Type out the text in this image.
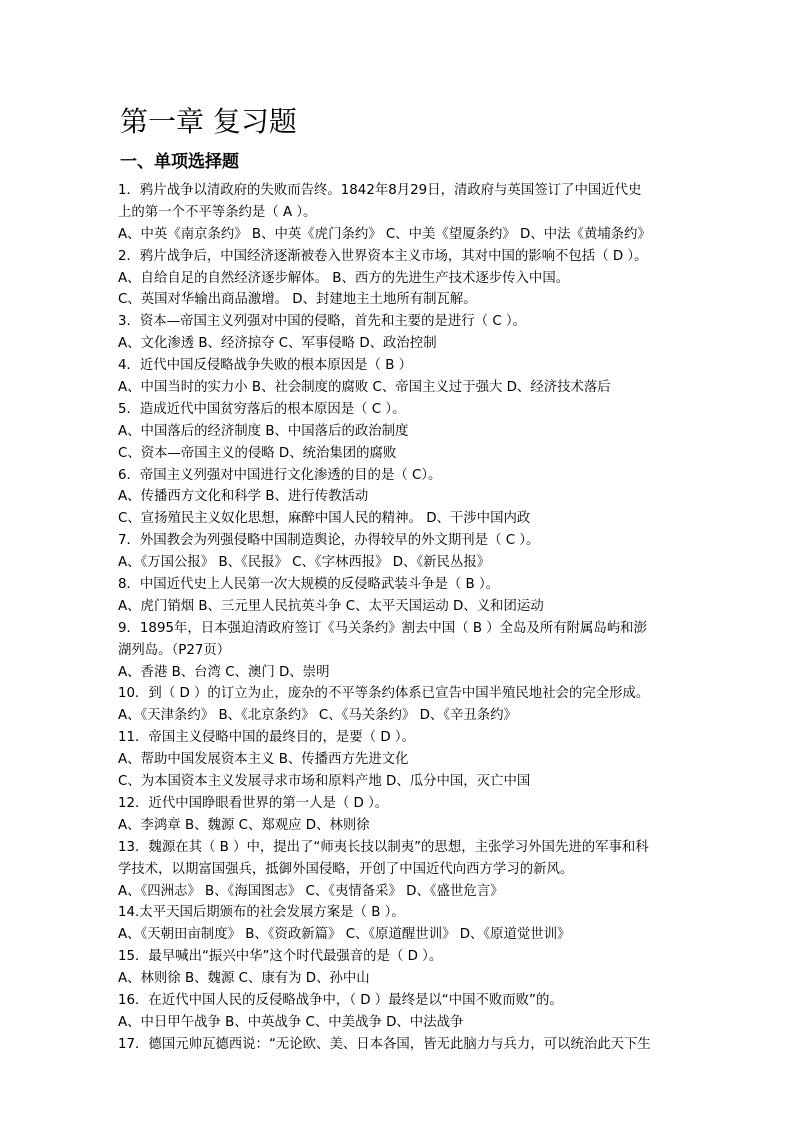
第一章 复习题
一、单项选择题
1．鸦片战争以清政府的失败而告终。1842年8月29日，清政府与英国签订了中国近代史
上的第一个不平等条约是（ A ）。
A、中英《南京条约》 B、中英《虎门条约》 C、中美《望厦条约》 D、中法《黄埔条约》
2．鸦片战争后，中国经济逐渐被卷入世界资本主义市场，其对中国的影响不包括（ D ）。
A、自给自足的自然经济逐步解体。 B、西方的先进生产技术逐步传入中国。
C、英国对华输出商品激增。 D、封建地主土地所有制瓦解。
3．资本—帝国主义列强对中国的侵略，首先和主要的是进行（ C ）。
A、文化渗透 B、经济掠夺 C、军事侵略 D、政治控制
4．近代中国反侵略战争失败的根本原因是（ B ）
A、中国当时的实力小 B、社会制度的腐败 C、帝国主义过于强大 D、经济技术落后
5．造成近代中国贫穷落后的根本原因是（ C ）。
A、中国落后的经济制度 B、中国落后的政治制度
C、资本—帝国主义的侵略 D、统治集团的腐败
6．帝国主义列强对中国进行文化渗透的目的是（ C）。
A、传播西方文化和科学 B、进行传教活动
C、宣扬殖民主义奴化思想，麻醉中国人民的精神。 D、干涉中国内政
7．外国教会为列强侵略中国制造舆论，办得较早的外文期刊是（ C ）。
A、《万国公报》 B、《民报》 C、《字林西报》 D、《新民丛报》
8．中国近代史上人民第一次大规模的反侵略武装斗争是（ B ）。
A、虎门销烟 B、三元里人民抗英斗争 C、太平天国运动 D、义和团运动
9．1895年，日本强迫清政府签订《马关条约》割去中国（ B ）全岛及所有附属岛屿和澎
湖列岛。（P27页）
A、香港 B、台湾 C、澳门 D、崇明
10．到（ D ）的订立为止，庞杂的不平等条约体系已宣告中国半殖民地社会的完全形成。
A、《天津条约》 B、《北京条约》 C、《马关条约》 D、《辛丑条约》
11．帝国主义侵略中国的最终目的，是要（ D ）。
A、帮助中国发展资本主义 B、传播西方先进文化
C、为本国资本主义发展寻求市场和原料产地 D、瓜分中国，灭亡中国
12．近代中国睁眼看世界的第一人是（ D ）。
A、李鸿章 B、魏源 C、郑观应 D、林则徐
13．魏源在其（ B ）中，提出了“师夷长技以制夷”的思想，主张学习外国先进的军事和科
学技术，以期富国强兵，抵御外国侵略，开创了中国近代向西方学习的新风。
A、《四洲志》 B、《海国图志》 C、《夷情备采》 D、《盛世危言》
14.太平天国后期颁布的社会发展方案是（ B ）。
A、《天朝田亩制度》 B、《资政新篇》 C、《原道醒世训》 D、《原道觉世训》
15．最早喊出“振兴中华”这个时代最强音的是（ D ）。
A、林则徐 B、魏源 C、康有为 D、孙中山
16．在近代中国人民的反侵略战争中，（ D ）最终是以“中国不败而败”的。
A、中日甲午战争 B、中英战争 C、中美战争 D、中法战争
17．德国元帅瓦德西说：“无论欧、美、日本各国，皆无此脑力与兵力，可以统治此天下生
